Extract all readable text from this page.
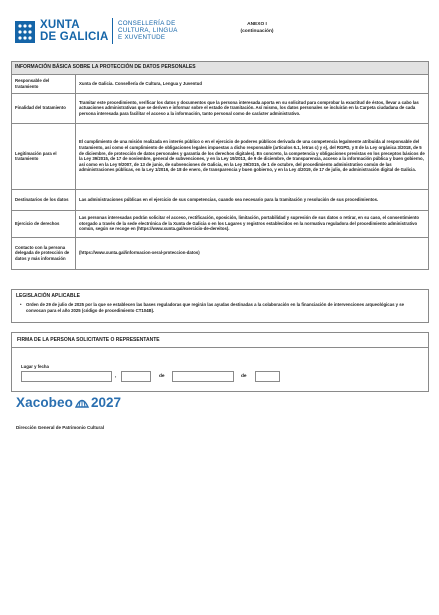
XUNTA
DE GALICIA
CONSELLERÍA DE
CULTURA, LINGUA
E XUVENTUDE
ANEXO I
(continuación)
INFORMACIÓN BÁSICA SOBRE LA PROTECCIÓN DE DATOS PERSONALES	
Responsable del tratamiento	Xunta de Galicia. Consellería de Cultura, Lengua y Juventud
Finalidad del tratamiento	Tramitar este procedimiento, verificar los datos y documentos que la persona interesada aporta en su solicitud para comprobar la exactitud de éstos, llevar a cabo las actuaciones administrativas que se deriven e informar sobre el estado de tramitación. Así mismo, los datos personales se incluirán en la Carpeta ciudadana de cada persona interesada para facilitar el acceso a la información, tanto personal como de carácter administrativo.
Legitimación para el tratamiento	El cumplimiento de una misión realizada en interés público o en el ejercicio de poderes públicos derivada de una competencia legalmente atribuida al responsable del tratamiento, así como el cumplimiento de obligaciones legales impuestas a dicho responsable (artículos 6.1, letras c) y e), del RGPD, y 8 de la Ley orgánica 3/2018, de 5 de diciembre, de protección de datos personales y garantía de los derechos digitales). En concreto, la competencia y obligaciones previstas en los preceptos básicos de la Ley 39/2015, de 17 de noviembre, general de subvenciones, y en la Ley 19/2013, de 9 de diciembre, de transparencia, acceso a la información pública y buen gobierno, así como en la Ley 9/2007, de 13 de junio, de subvenciones de Galicia, en la Ley 39/2015, de 1 de octubre, del procedimiento administrativo común de las administraciones públicas, en la Ley 1/2016, de 18 de enero, de transparencia y buen gobierno, y en la Ley 4/2019, de 17 de julio, de administración digital de Galicia.
Destinatarios de los datos	Las administraciones públicas en el ejercicio de sus competencias, cuando sea necesario para la tramitación y resolución de sus procedimientos.
Ejercicio de derechos	Las personas interesadas podrán solicitar el acceso, rectificación, oposición, limitación, portabilidad y supresión de sus datos o retirar, en su caso, el consentimiento otorgado a través de la sede electrónica de la Xunta de Galicia o en los Lugares y registros establecidos en la normativa reguladora del procedimiento administrativo común, según se recoge en (https://www.xunta.gal/exercicio-de-dereitos).
Contacto con la persona delegada de protección de datos y más información	(https://www.xunta.gal/informacion-xeral-proteccion-datos)
LEGISLACIÓN APLICABLE
• Orden de 29 de julio de 2025 por la que se establecen las bases reguladoras que regirán las ayudas destinadas a la colaboración en la financiación de intervenciones arqueológicas y se convocan para el año 2025 (código de procedimiento CT104B).
FIRMA DE LA PERSONA SOLICITANTE O REPRESENTANTE
Lugar y fecha
,	de	de
Xacobeo 2027
Dirección General de Patrimonio Cultural
